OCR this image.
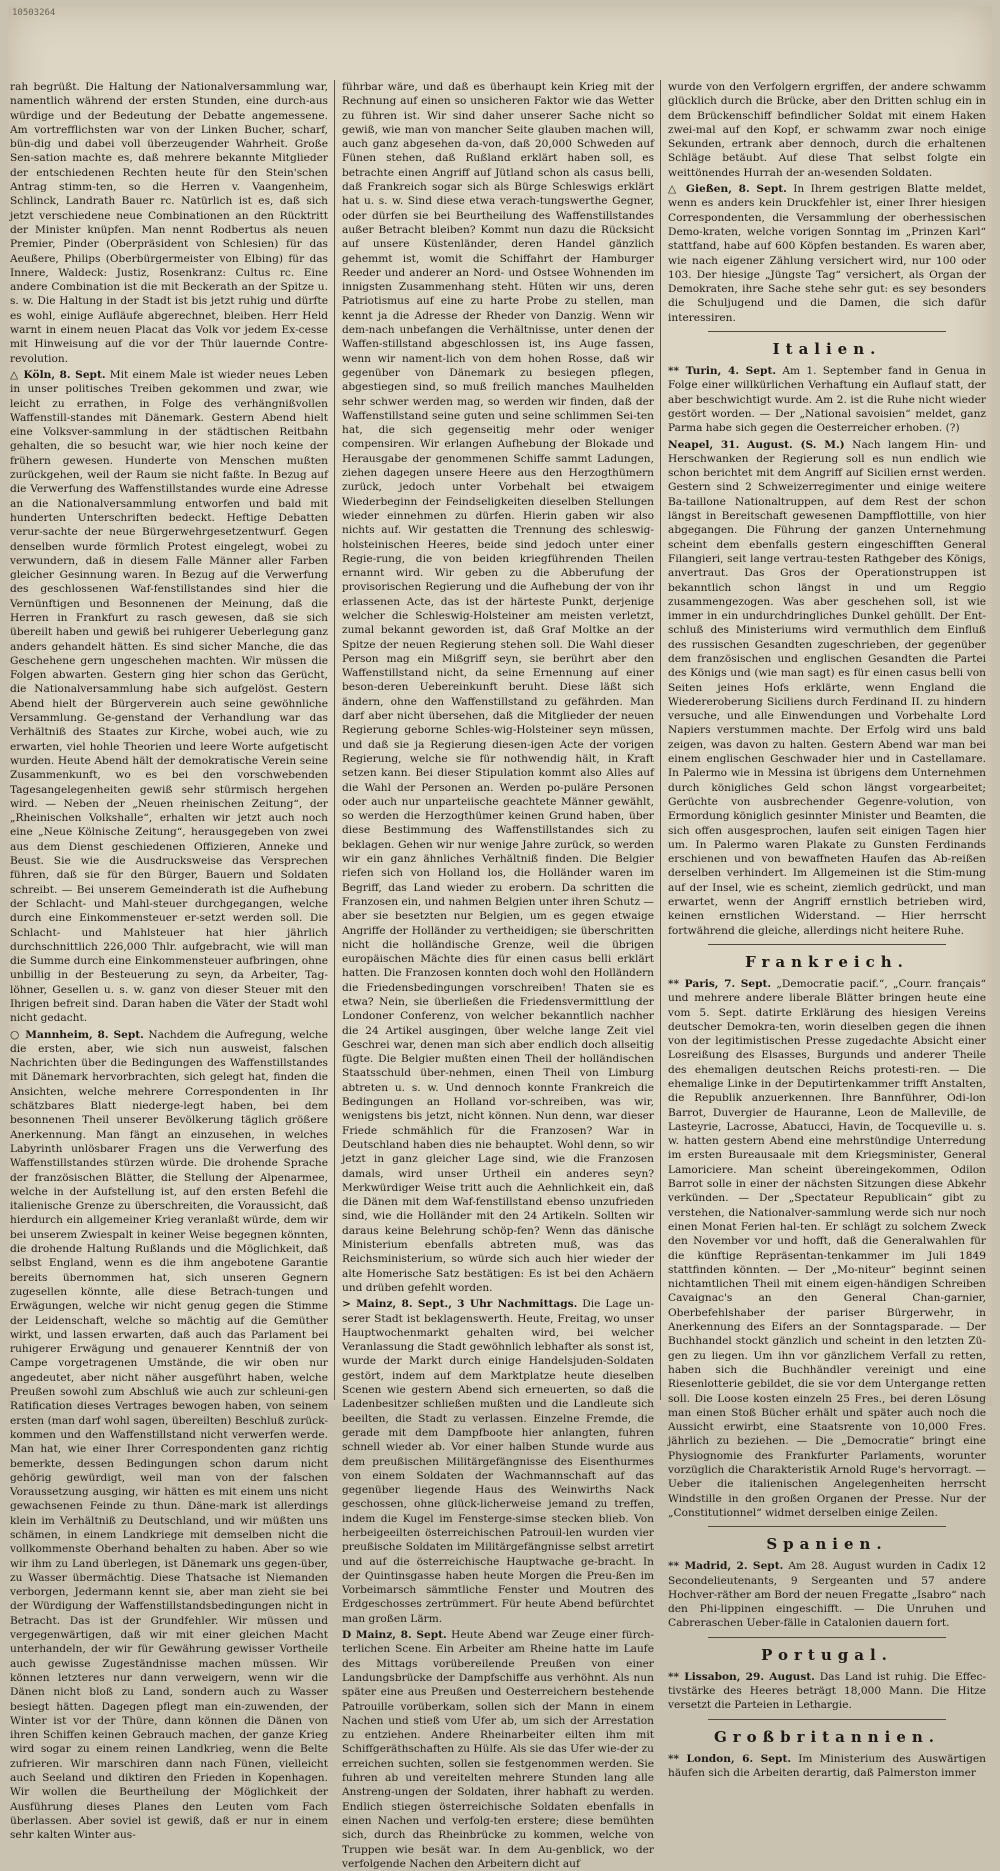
10503264

rah begrüßt. Die Haltung der Nationalversammlung war, namentlich während der ersten Stunden, eine durch-aus würdige und der Bedeutung der Debatte angemessene. Am vortrefflichsten war von der Linken Bucher, scharf, bün-dig und dabei voll überzeugender Wahrheit. Große Sen-sation machte es, daß mehrere bekannte Mitglieder der entschiedenen Rechten heute für den Stein'schen Antrag stimm-ten, so die Herren v. Vaangenheim, Schlinck, Landrath Bauer rc. Natürlich ist es, daß sich jetzt verschiedene neue Combinationen an den Rücktritt der Minister knüpfen. Man nennt Rodbertus als neuen Premier, Pinder (Oberpräsident von Schlesien) für das Aeußere, Philips (Oberbürgermeister von Elbing) für das Innere, Waldeck: Justiz, Rosenkranz: Cultus rc. Eine andere Combination ist die mit Beckerath an der Spitze u. s. w. Die Haltung in der Stadt ist bis jetzt ruhig und dürfte es wohl, einige Aufläufe abgerechnet, bleiben. Herr Held warnt in einem neuen Placat das Volk vor jedem Ex-cesse mit Hinweisung auf die vor der Thür lauernde Contre-revolution.

△ Köln, 8. Sept. Mit einem Male ist wieder neues Leben in unser politisches Treiben gekommen und zwar, wie leicht zu errathen, in Folge des verhängnißvollen Waffenstill-standes mit Dänemark. Gestern Abend hielt eine Volksver-sammlung in der städtischen Reitbahn gehalten, die so besucht war, wie hier noch keine der frühern gewesen. Hunderte von Menschen mußten zurückgehen, weil der Raum sie nicht faßte. In Bezug auf die Verwerfung des Waffenstillstandes wurde eine Adresse an die Nationalversammlung entworfen und bald mit hunderten Unterschriften bedeckt. Heftige Debatten verur-sachte der neue Bürgerwehrgesetzentwurf. Gegen denselben wurde förmlich Protest eingelegt, wobei zu verwundern, daß in diesem Falle Männer aller Farben gleicher Gesinnung waren. In Bezug auf die Verwerfung des geschlossenen Waf-fenstillstandes sind hier die Vernünftigen und Besonnenen der Meinung, daß die Herren in Frankfurt zu rasch gewesen, daß sie sich übereilt haben und gewiß bei ruhigerer Ueberlegung ganz anders gehandelt hätten. Es sind sicher Manche, die das Geschehene gern ungeschehen machten. Wir müssen die Folgen abwarten. Gestern ging hier schon das Gerücht, die Nationalversammlung habe sich aufgelöst. Gestern Abend hielt der Bürgerverein auch seine gewöhnliche Versammlung. Ge-genstand der Verhandlung war das Verhältniß des Staates zur Kirche, wobei auch, wie zu erwarten, viel hohle Theorien und leere Worte aufgetischt wurden. Heute Abend hält der demokratische Verein seine Zusammenkunft, wo es bei den vorschwebenden Tagesangelegenheiten gewiß sehr stürmisch hergehen wird. — Neben der „Neuen rheinischen Zeitung“, der „Rheinischen Volkshalle“, erhalten wir jetzt auch noch eine „Neue Kölnische Zeitung“, herausgegeben von zwei aus dem Dienst geschiedenen Offizieren, Anneke und Beust. Sie wie die Ausdrucksweise das Versprechen führen, daß sie für den Bürger, Bauern und Soldaten schreibt. — Bei unserem Gemeinderath ist die Aufhebung der Schlacht- und Mahl-steuer durchgegangen, welche durch eine Einkommensteuer er-setzt werden soll. Die Schlacht- und Mahlsteuer hat hier jährlich durchschnittlich 226,000 Thlr. aufgebracht, wie will man die Summe durch eine Einkommensteuer aufbringen, ohne unbillig in der Besteuerung zu seyn, da Arbeiter, Tag-löhner, Gesellen u. s. w. ganz von dieser Steuer mit den Ihrigen befreit sind. Daran haben die Väter der Stadt wohl nicht gedacht.

○ Mannheim, 8. Sept. Nachdem die Aufregung, welche die ersten, aber, wie sich nun ausweist, falschen Nachrichten über die Bedingungen des Waffenstillstandes mit Dänemark hervorbrachten, sich gelegt hat, finden die Ansichten, welche mehrere Correspondenten in Ihr schätzbares Blatt niederge-legt haben, bei dem besonnenen Theil unserer Bevölkerung täglich größere Anerkennung. Man fängt an einzusehen, in welches Labyrinth unlösbarer Fragen uns die Verwerfung des Waffenstillstandes stürzen würde. Die drohende Sprache der französischen Blätter, die Stellung der Alpenarmee, welche in der Aufstellung ist, auf den ersten Befehl die italienische Grenze zu überschreiten, die Voraussicht, daß hierdurch ein allgemeiner Krieg veranlaßt würde, dem wir bei unserem Zwiespalt in keiner Weise begegnen könnten, die drohende Haltung Rußlands und die Möglichkeit, daß selbst England, wenn es die ihm angebotene Garantie bereits übernommen hat, sich unseren Gegnern zugesellen könnte, alle diese Betrach-tungen und Erwägungen, welche wir nicht genug gegen die Stimme der Leidenschaft, welche so mächtig auf die Gemüther wirkt, und lassen erwarten, daß auch das Parlament bei ruhigerer Erwägung und genauerer Kenntniß der von Campe vorgetragenen Umstände, die wir oben nur angedeutet, aber nicht näher ausgeführt haben, welche Preußen sowohl zum Abschluß wie auch zur schleuni-gen Ratification dieses Vertrages bewogen haben, von seinem ersten (man darf wohl sagen, übereilten) Beschluß zurück-kommen und den Waffenstillstand nicht verwerfen werde. Man hat, wie einer Ihrer Correspondenten ganz richtig bemerkte, dessen Bedingungen schon darum nicht gehörig gewürdigt, weil man von der falschen Voraussetzung ausging, wir hätten es mit einem uns nicht gewachsenen Feinde zu thun. Däne-mark ist allerdings klein im Verhältniß zu Deutschland, und wir müßten uns schämen, in einem Landkriege mit demselben nicht die vollkommenste Oberhand behalten zu haben. Aber so wie wir ihm zu Land überlegen, ist Dänemark uns gegen-über, zu Wasser übermächtig. Diese Thatsache ist Niemanden verborgen, Jedermann kennt sie, aber man zieht sie bei der Würdigung der Waffenstillstandsbedingungen nicht in Betracht. Das ist der Grundfehler. Wir müssen und vergegenwärtigen, daß wir mit einer gleichen Macht unterhandeln, der wir für Gewährung gewisser Vortheile auch gewisse Zugeständnisse machen müssen. Wir können letzteres nur dann verweigern, wenn wir die Dänen nicht bloß zu Land, sondern auch zu Wasser besiegt hätten. Dagegen pflegt man ein-zuwenden, der Winter ist vor der Thüre, dann können die Dänen von ihren Schiffen keinen Gebrauch machen, der ganze Krieg wird sogar zu einem reinen Landkrieg, wenn die Belte zufrieren. Wir marschiren dann nach Fünen, vielleicht auch Seeland und diktiren den Frieden in Kopenhagen. Wir wollen die Beurtheilung der Möglichkeit der Ausführung dieses Planes den Leuten vom Fach überlassen. Aber soviel ist gewiß, daß er nur in einem sehr kalten Winter aus-

führbar wäre, und daß es überhaupt kein Krieg mit der Rechnung auf einen so unsicheren Faktor wie das Wetter zu führen ist. Wir sind daher unserer Sache nicht so gewiß, wie man von mancher Seite glauben machen will, auch ganz abgesehen da-von, daß 20,000 Schweden auf Fünen stehen, daß Rußland erklärt haben soll, es betrachte einen Angriff auf Jütland schon als casus belli, daß Frankreich sogar sich als Bürge Schleswigs erklärt hat u. s. w. Sind diese etwa verach-tungswerthe Gegner, oder dürfen sie bei Beurtheilung des Waffenstillstandes außer Betracht bleiben? Kommt nun dazu die Rücksicht auf unsere Küstenländer, deren Handel gänzlich gehemmt ist, womit die Schiffahrt der Hamburger Reeder und anderer an Nord- und Ostsee Wohnenden im innigsten Zusammenhang steht. Hüten wir uns, deren Patriotismus auf eine zu harte Probe zu stellen, man kennt ja die Adresse der Rheder von Danzig. Wenn wir dem-nach unbefangen die Verhältnisse, unter denen der Waffen-stillstand abgeschlossen ist, ins Auge fassen, wenn wir nament-lich von dem hohen Rosse, daß wir gegenüber von Dänemark zu besiegen pflegen, abgestiegen sind, so muß freilich manches Maulhelden sehr schwer werden mag, so werden wir finden, daß der Waffenstillstand seine guten und seine schlimmen Sei-ten hat, die sich gegenseitig mehr oder weniger compensiren. Wir erlangen Aufhebung der Blokade und Herausgabe der genommenen Schiffe sammt Ladungen, ziehen dagegen unsere Heere aus den Herzogthümern zurück, jedoch unter Vorbehalt bei etwaigem Wiederbeginn der Feindseligkeiten dieselben Stellungen wieder einnehmen zu dürfen. Hierin gaben wir also nichts auf. Wir gestatten die Trennung des schleswig-holsteinischen Heeres, beide sind jedoch unter einer Regie-rung, die von beiden kriegführenden Theilen ernannt wird. Wir geben zu die Abberufung der provisorischen Regierung und die Aufhebung der von ihr erlassenen Acte, das ist der härteste Punkt, derjenige welcher die Schleswig-Holsteiner am meisten verletzt, zumal bekannt geworden ist, daß Graf Moltke an der Spitze der neuen Regierung stehen soll. Die Wahl dieser Person mag ein Mißgriff seyn, sie berührt aber den Waffenstillstand nicht, da seine Ernennung auf einer beson-deren Uebereinkunft beruht. Diese läßt sich ändern, ohne den Waffenstillstand zu gefährden. Man darf aber nicht übersehen, daß die Mitglieder der neuen Regierung geborne Schles-wig-Holsteiner seyn müssen, und daß sie ja Regierung diesen-igen Acte der vorigen Regierung, welche sie für nothwendig hält, in Kraft setzen kann. Bei dieser Stipulation kommt also Alles auf die Wahl der Personen an. Werden po-puläre Personen oder auch nur unparteiische geachtete Männer gewählt, so werden die Herzogthümer keinen Grund haben, über diese Bestimmung des Waffenstillstandes sich zu beklagen. Gehen wir nur wenige Jahre zurück, so werden wir ein ganz ähnliches Verhältniß finden. Die Belgier riefen sich von Holland los, die Holländer waren im Begriff, das Land wieder zu erobern. Da schritten die Franzosen ein, und nahmen Belgien unter ihren Schutz — aber sie besetzten nur Belgien, um es gegen etwaige Angriffe der Holländer zu vertheidigen; sie überschritten nicht die holländische Grenze, weil die übrigen europäischen Mächte dies für einen casus belli erklärt hatten. Die Franzosen konnten doch wohl den Holländern die Friedensbedingungen vorschreiben! Thaten sie es etwa? Nein, sie überließen die Friedensvermittlung der Londoner Conferenz, von welcher bekanntlich nachher die 24 Artikel ausgingen, über welche lange Zeit viel Geschrei war, denen man sich aber endlich doch allseitig fügte. Die Belgier mußten einen Theil der holländischen Staatsschuld über-nehmen, einen Theil von Limburg abtreten u. s. w. Und dennoch konnte Frankreich die Bedingungen an Holland vor-schreiben, was wir, wenigstens bis jetzt, nicht können. Nun denn, war dieser Friede schmählich für die Franzosen? War in Deutschland haben dies nie behauptet. Wohl denn, so wir jetzt in ganz gleicher Lage sind, wie die Franzosen damals, wird unser Urtheil ein anderes seyn? Merkwürdiger Weise tritt auch die Aehnlichkeit ein, daß die Dänen mit dem Waf-fenstillstand ebenso unzufrieden sind, wie die Holländer mit den 24 Artikeln. Sollten wir daraus keine Belehrung schöp-fen? Wenn das dänische Ministerium ebenfalls abtreten muß, was das Reichsministerium, so würde sich auch hier wieder der alte Homerische Satz bestätigen: Es ist bei den Achäern und drüben gefehlt worden.

> Mainz, 8. Sept., 3 Uhr Nachmittags. Die Lage un-serer Stadt ist beklagenswerth. Heute, Freitag, wo unser Hauptwochenmarkt gehalten wird, bei welcher Veranlassung die Stadt gewöhnlich lebhafter als sonst ist, wurde der Markt durch einige Handelsjuden-Soldaten gestört, indem auf dem Marktplatze heute dieselben Scenen wie gestern Abend sich erneuerten, so daß die Ladenbesitzer schließen mußten und die Landleute sich beeilten, die Stadt zu verlassen. Einzelne Fremde, die gerade mit dem Dampfboote hier anlangten, fuhren schnell wieder ab. Vor einer halben Stunde wurde aus dem preußischen Militärgefängnisse des Eisenthurmes von einem Soldaten der Wachmannschaft auf das gegenüber liegende Haus des Weinwirths Nack geschossen, ohne glück-licherweise jemand zu treffen, indem die Kugel im Fensterge-simse stecken blieb. Von herbeigeeilten österreichischen Patrouil-len wurden vier preußische Soldaten im Militärgefängnisse selbst arretirt und auf die österreichische Hauptwache ge-bracht. In der Quintinsgasse haben heute Morgen die Preu-ßen im Vorbeimarsch sämmtliche Fenster und Moutren des Erdgeschosses zertrümmert. Für heute Abend befürchtet man großen Lärm.

D Mainz, 8. Sept. Heute Abend war Zeuge einer fürch-terlichen Scene. Ein Arbeiter am Rheine hatte im Laufe des Mittags vorübereilende Preußen von einer Landungsbrücke der Dampfschiffe aus verhöhnt. Als nun später eine aus Preußen und Oesterreichern bestehende Patrouille vorüberkam, sollen sich der Mann in einem Nachen und stieß vom Ufer ab, um sich der Arrestation zu entziehen. Andere Rheinarbeiter eilten ihm mit Schiffgeräthschaften zu Hülfe. Als sie das Ufer wie-der zu erreichen suchten, sollen sie festgenommen werden. Sie fuhren ab und vereitelten mehrere Stunden lang alle Anstreng-ungen der Soldaten, ihrer habhaft zu werden. Endlich stiegen österreichische Soldaten ebenfalls in einen Nachen und verfolg-ten erstere; diese bemühten sich, durch das Rheinbrücke zu kommen, welche von Truppen wie besät war. In dem Au-genblick, wo der verfolgende Nachen den Arbeitern dicht auf

wurde von den Verfolgern ergriffen, der andere schwamm glücklich durch die Brücke, aber den Dritten schlug ein in dem Brückenschiff befindlicher Soldat mit einem Haken zwei-mal auf den Kopf, er schwamm zwar noch einige Sekunden, ertrank aber dennoch, durch die erhaltenen Schläge betäubt. Auf diese That selbst folgte ein weittönendes Hurrah der an-wesenden Soldaten.

△ Gießen, 8. Sept. In Ihrem gestrigen Blatte meldet, wenn es anders kein Druckfehler ist, einer Ihrer hiesigen Correspondenten, die Versammlung der oberhessischen Demo-kraten, welche vorigen Sonntag im „Prinzen Karl“ stattfand, habe auf 600 Köpfen bestanden. Es waren aber, wie nach eigener Zählung versichert wird, nur 100 oder 103. Der hiesige „Jüngste Tag“ versichert, als Organ der Demokraten, ihre Sache stehe sehr gut: es sey besonders die Schuljugend und die Damen, die sich dafür interessiren.

Italien.

** Turin, 4. Sept. Am 1. September fand in Genua in Folge einer willkürlichen Verhaftung ein Auflauf statt, der aber beschwichtigt wurde. Am 2. ist die Ruhe nicht wieder gestört worden. — Der „National savoisien“ meldet, ganz Parma habe sich gegen die Oesterreicher erhoben. (?)

Neapel, 31. August. (S. M.) Nach langem Hin- und Herschwanken der Regierung soll es nun endlich wie schon berichtet mit dem Angriff auf Sicilien ernst werden. Gestern sind 2 Schweizerregimenter und einige weitere Ba-taillone Nationaltruppen, auf dem Rest der schon längst in Bereitschaft gewesenen Dampfflottille, von hier abgegangen. Die Führung der ganzen Unternehmung scheint dem ebenfalls gestern eingeschifften General Filangieri, seit lange vertrau-testen Rathgeber des Königs, anvertraut. Das Gros der Operationstruppen ist bekanntlich schon längst in und um Reggio zusammengezogen. Was aber geschehen soll, ist wie immer in ein undurchdringliches Dunkel gehüllt. Der Ent-schluß des Ministeriums wird vermuthlich dem Einfluß des russischen Gesandten zugeschrieben, der gegenüber dem französischen und englischen Gesandten die Partei des Königs und (wie man sagt) es für einen casus belli von Seiten jeines Hofs erklärte, wenn England die Wiedereroberung Siciliens durch Ferdinand II. zu hindern versuche, und alle Einwendungen und Vorbehalte Lord Napiers verstummen machte. Der Erfolg wird uns bald zeigen, was davon zu halten. Gestern Abend war man bei einem englischen Geschwader hier und in Castellamare. In Palermo wie in Messina ist übrigens dem Unternehmen durch königliches Geld schon längst vorgearbeitet; Gerüchte von ausbrechender Gegenre-volution, von Ermordung königlich gesinnter Minister und Beamten, die sich offen ausgesprochen, laufen seit einigen Tagen hier um. In Palermo waren Plakate zu Gunsten Ferdinands erschienen und von bewaffneten Haufen das Ab-reißen derselben verhindert. Im Allgemeinen ist die Stim-mung auf der Insel, wie es scheint, ziemlich gedrückt, und man erwartet, wenn der Angriff ernstlich betrieben wird, keinen ernstlichen Widerstand. — Hier herrscht fortwährend die gleiche, allerdings nicht heitere Ruhe.

Frankreich.

** Paris, 7. Sept. „Democratie pacif.“, „Courr. français“ und mehrere andere liberale Blätter bringen heute eine vom 5. Sept. datirte Erklärung des hiesigen Vereins deutscher Demokra-ten, worin dieselben gegen die ihnen von der legitimistischen Presse zugedachte Absicht einer Losreißung des Elsasses, Burgunds und anderer Theile des ehemaligen deutschen Reichs protesti-ren. — Die ehemalige Linke in der Deputirtenkammer trifft Anstalten, die Republik anzuerkennen. Ihre Bannführer, Odi-lon Barrot, Duvergier de Hauranne, Leon de Malleville, de Lasteyrie, Lacrosse, Abatucci, Havin, de Tocqueville u. s. w. hatten gestern Abend eine mehrstündige Unterredung im ersten Bureausaale mit dem Kriegsminister, General Lamoriciere. Man scheint übereingekommen, Odilon Barrot solle in einer der nächsten Sitzungen diese Abkehr verkünden. — Der „Spectateur Republicain“ gibt zu verstehen, die Nationalver-sammlung werde sich nur noch einen Monat Ferien hal-ten. Er schlägt zu solchem Zweck den November vor und hofft, daß die Generalwahlen für die künftige Repräsentan-tenkammer im Juli 1849 stattfinden könnten. — Der „Mo-niteur“ beginnt seinen nichtamtlichen Theil mit einem eigen-händigen Schreiben Cavaignac's an den General Chan-garnier, Oberbefehlshaber der pariser Bürgerwehr, in Anerkennung des Eifers an der Sonntagsparade. — Der Buchhandel stockt gänzlich und scheint in den letzten Zü-gen zu liegen. Um ihn vor gänzlichem Verfall zu retten, haben sich die Buchhändler vereinigt und eine Riesenlotterie gebildet, die sie vor dem Untergange retten soll. Die Loose kosten einzeln 25 Fres., bei deren Lösung man einen Stoß Bücher erhält und später auch noch die Aussicht erwirbt, eine Staatsrente von 10,000 Fres. jährlich zu beziehen. — Die „Democratie“ bringt eine Physiognomie des Frankfurter Parlaments, worunter vorzüglich die Charakteristik Arnold Ruge's hervorragt. — Ueber die italienischen Angelegenheiten herrscht Windstille in den großen Organen der Presse. Nur der „Constitutionnel“ widmet derselben einige Zeilen.

Spanien.

** Madrid, 2. Sept. Am 28. August wurden in Cadix 12 Secondelieutenants, 9 Sergeanten und 57 andere Hochver-räther am Bord der neuen Fregatte „Isabro“ nach den Phi-lippinen eingeschifft. — Die Unruhen und Cabreraschen Ueber-fälle in Catalonien dauern fort.

Portugal.

** Lissabon, 29. August. Das Land ist ruhig. Die Effec-tivstärke des Heeres beträgt 18,000 Mann. Die Hitze versetzt die Parteien in Lethargie.

Großbritannien.

** London, 6. Sept. Im Ministerium des Auswärtigen häufen sich die Arbeiten derartig, daß Palmerston immer
